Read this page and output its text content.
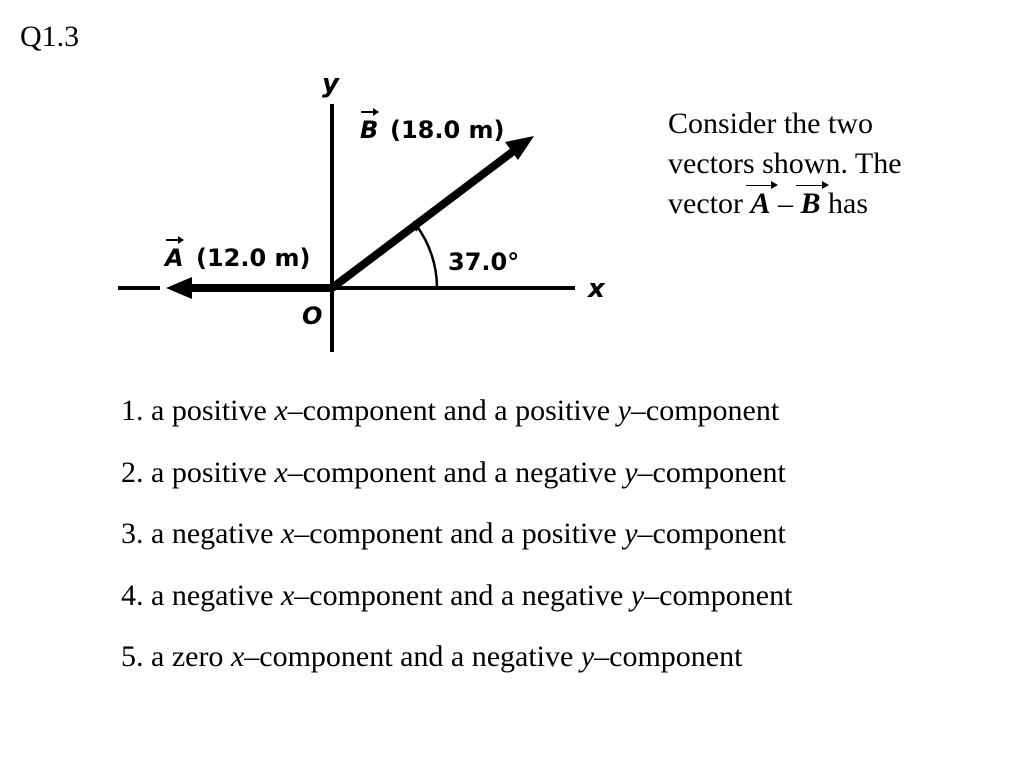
Q1.3
y
x
O
B (18.0 m)
A (12.0 m)	37.0°
Consider the two
vectors shown. The
vector A – B has
1. a positive x–component and a positive y–component
2. a positive x–component and a negative y–component
3. a negative x–component and a positive y–component
4. a negative x–component and a negative y–component
5. a zero x–component and a negative y–component
